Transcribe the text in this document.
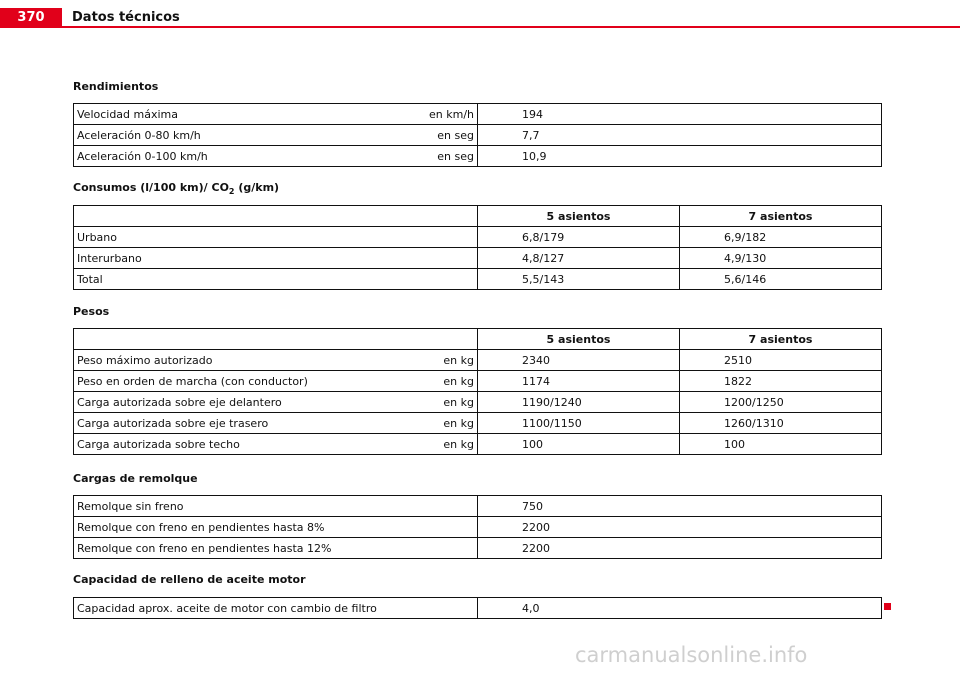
370	Datos técnicos
Rendimientos
Velocidad máxima	en km/h	194
Aceleración 0-80 km/h	en seg	7,7
Aceleración 0-100 km/h	en seg	10,9
Consumos (l/100 km)/ $CO_2$ (g/km)
	5 asientos	7 asientos
Urbano	6,8/179	6,9/182
Interurbano	4,8/127	4,9/130
Total	5,5/143	5,6/146
Pesos
		5 asientos	7 asientos
Peso máximo autorizado	en kg	2340	2510
Peso en orden de marcha (con conductor)	en kg	1174	1822
Carga autorizada sobre eje delantero	en kg	1190/1240	1200/1250
Carga autorizada sobre eje trasero	en kg	1100/1150	1260/1310
Carga autorizada sobre techo	en kg	100	100
Cargas de remolque
Remolque sin freno	750
Remolque con freno en pendientes hasta 8%	2200
Remolque con freno en pendientes hasta 12%	2200
Capacidad de relleno de aceite motor
Capacidad aprox. aceite de motor con cambio de filtro	4,0
carmanualsonline.info
